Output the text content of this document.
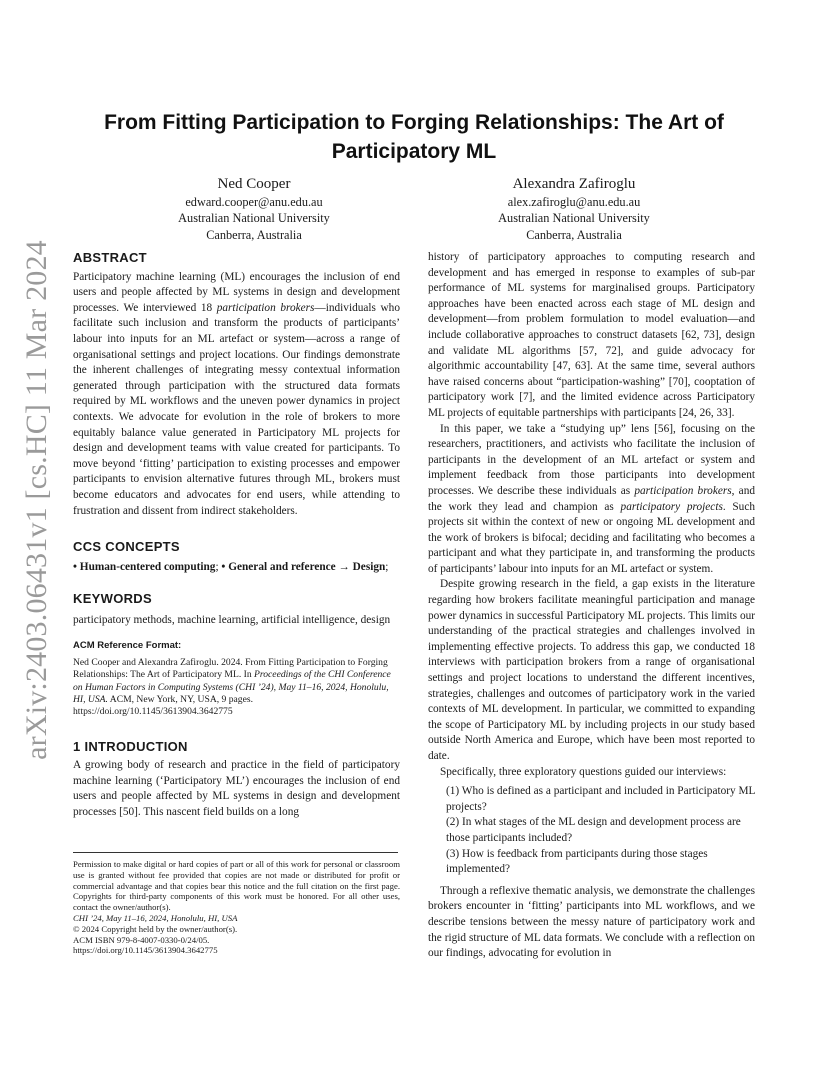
arXiv:2403.06431v1 [cs.HC] 11 Mar 2024
From Fitting Participation to Forging Relationships: The Art of Participatory ML
Ned Cooper
edward.cooper@anu.edu.au
Australian National University
Canberra, Australia
Alexandra Zafiroglu
alex.zafiroglu@anu.edu.au
Australian National University
Canberra, Australia
ABSTRACT

Participatory machine learning (ML) encourages the inclusion of end users and people affected by ML systems in design and development processes. We interviewed 18 participation brokers—individuals who facilitate such inclusion and transform the products of participants’ labour into inputs for an ML artefact or system—across a range of organisational settings and project locations. Our findings demonstrate the inherent challenges of integrating messy contextual information generated through participation with the structured data formats required by ML workflows and the uneven power dynamics in project contexts. We advocate for evolution in the role of brokers to more equitably balance value generated in Participatory ML projects for design and development teams with value created for participants. To move beyond ‘fitting’ participation to existing processes and empower participants to envision alternative futures through ML, brokers must become educators and advocates for end users, while attending to frustration and dissent from indirect stakeholders.

CCS CONCEPTS

• Human-centered computing; • General and reference → Design;

KEYWORDS

participatory methods, machine learning, artificial intelligence, design

ACM Reference Format:

Ned Cooper and Alexandra Zafiroglu. 2024. From Fitting Participation to Forging Relationships: The Art of Participatory ML. In Proceedings of the CHI Conference on Human Factors in Computing Systems (CHI ’24), May 11–16, 2024, Honolulu, HI, USA. ACM, New York, NY, USA, 9 pages. https://doi.org/10.1145/3613904.3642775

1 INTRODUCTION

A growing body of research and practice in the field of participatory machine learning (‘Participatory ML’) encourages the inclusion of end users and people affected by ML systems in design and development processes [50]. This nascent field builds on a long

Permission to make digital or hard copies of part or all of this work for personal or classroom use is granted without fee provided that copies are not made or distributed for profit or commercial advantage and that copies bear this notice and the full citation on the first page. Copyrights for third-party components of this work must be honored. For all other uses, contact the owner/author(s).

CHI ’24, May 11–16, 2024, Honolulu, HI, USA

© 2024 Copyright held by the owner/author(s).

ACM ISBN 979-8-4007-0330-0/24/05.

https://doi.org/10.1145/3613904.3642775

history of participatory approaches to computing research and development and has emerged in response to examples of sub-par performance of ML systems for marginalised groups. Participatory approaches have been enacted across each stage of ML design and development—from problem formulation to model evaluation—and include collaborative approaches to construct datasets [62, 73], design and validate ML algorithms [57, 72], and guide advocacy for algorithmic accountability [47, 63]. At the same time, several authors have raised concerns about “participation-washing” [70], cooptation of participatory work [7], and the limited evidence across Participatory ML projects of equitable partnerships with participants [24, 26, 33].

In this paper, we take a “studying up” lens [56], focusing on the researchers, practitioners, and activists who facilitate the inclusion of participants in the development of an ML artefact or system and implement feedback from those participants into development processes. We describe these individuals as participation brokers, and the work they lead and champion as participatory projects. Such projects sit within the context of new or ongoing ML development and the work of brokers is bifocal; deciding and facilitating who becomes a participant and what they participate in, and transforming the products of participants’ labour into inputs for an ML artefact or system.

Despite growing research in the field, a gap exists in the literature regarding how brokers facilitate meaningful participation and manage power dynamics in successful Participatory ML projects. This limits our understanding of the practical strategies and challenges involved in implementing effective projects. To address this gap, we conducted 18 interviews with participation brokers from a range of organisational settings and project locations to understand the different incentives, strategies, challenges and outcomes of participatory work in the varied contexts of ML development. In particular, we committed to expanding the scope of Participatory ML by including projects in our study based outside North America and Europe, which have been most reported to date.

Specifically, three exploratory questions guided our interviews:

(1) Who is defined as a participant and included in Participatory ML projects?
(2) In what stages of the ML design and development process are those participants included?
(3) How is feedback from participants during those stages implemented?

Through a reflexive thematic analysis, we demonstrate the challenges brokers encounter in ‘fitting’ participants into ML workflows, and we describe tensions between the messy nature of participatory work and the rigid structure of ML data formats. We conclude with a reflection on our findings, advocating for evolution in
